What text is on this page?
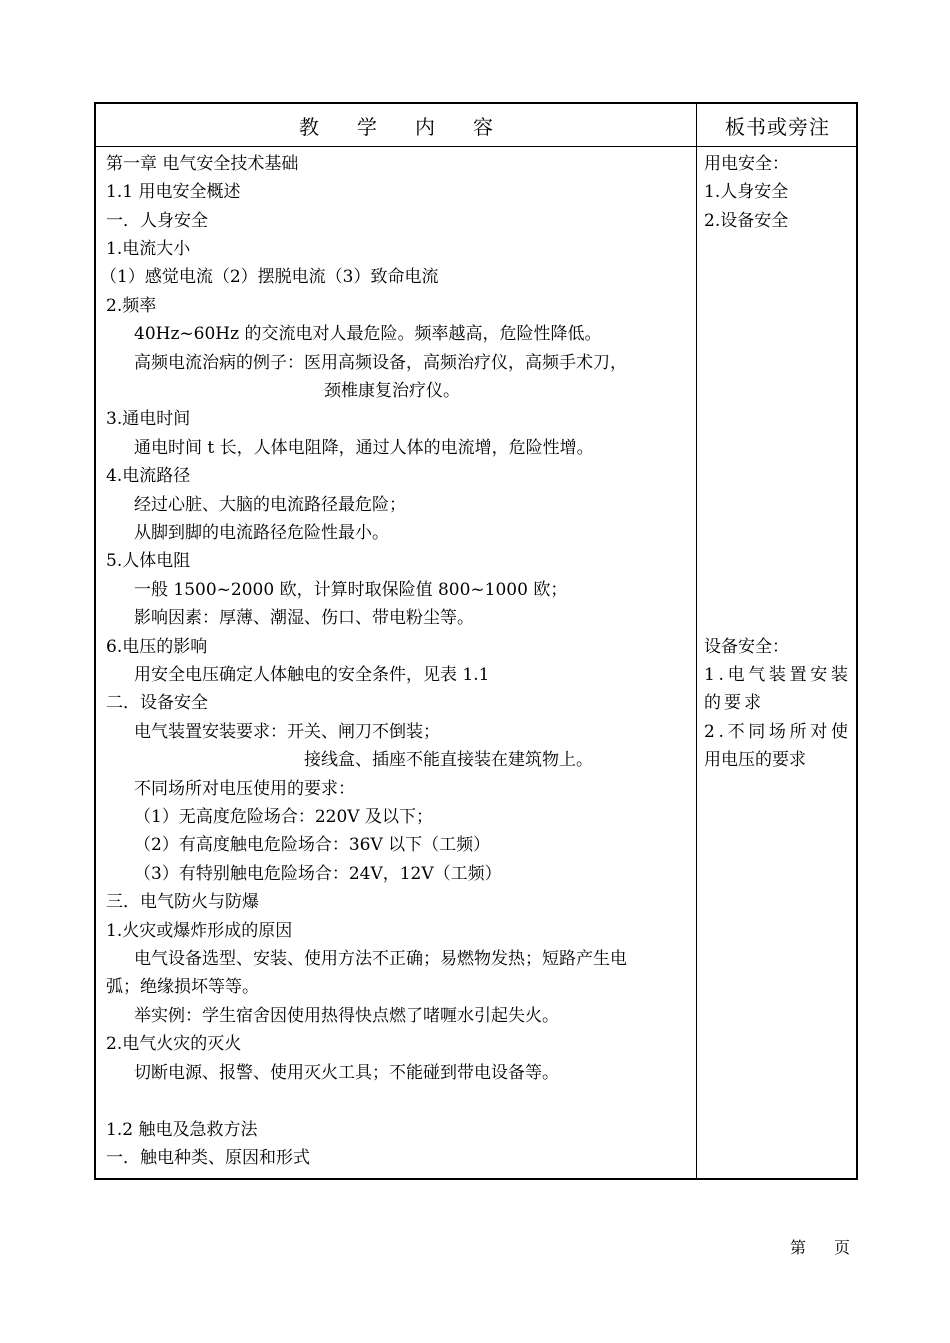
教学内容	板书或旁注
第一章 电气安全技术基础
1.1 用电安全概述
一．人身安全
1.电流大小
（1）感觉电流（2）摆脱电流（3）致命电流
2.频率
40Hz~60Hz 的交流电对人最危险。频率越高，危险性降低。
高频电流治病的例子：医用高频设备，高频治疗仪，高频手术刀，
颈椎康复治疗仪。
3.通电时间
通电时间 t 长，人体电阻降，通过人体的电流增，危险性增。
4.电流路径
经过心脏、大脑的电流路径最危险；
从脚到脚的电流路径危险性最小。
5.人体电阻
一般 1500~2000 欧，计算时取保险值 800~1000 欧；
影响因素：厚薄、潮湿、伤口、带电粉尘等。
6.电压的影响
用安全电压确定人体触电的安全条件，见表 1.1
二．设备安全
电气装置安装要求：开关、闸刀不倒装；
接线盒、插座不能直接装在建筑物上。
不同场所对电压使用的要求：
（1）无高度危险场合：220V 及以下；
（2）有高度触电危险场合：36V 以下（工频）
（3）有特别触电危险场合：24V，12V（工频）
三．电气防火与防爆
1.火灾或爆炸形成的原因
电气设备选型、安装、使用方法不正确；易燃物发热；短路产生电
弧；绝缘损坏等等。
举实例：学生宿舍因使用热得快点燃了啫喱水引起失火。
2.电气火灾的灭火
切断电源、报警、使用灭火工具；不能碰到带电设备等。
1.2 触电及急救方法
一．触电种类、原因和形式
用电安全：
1.人身安全
2.设备安全
设备安全：
1 . 电 气 装 置 安 装
的要求
2 . 不 同 场 所 对 使
用电压的要求
第 页
